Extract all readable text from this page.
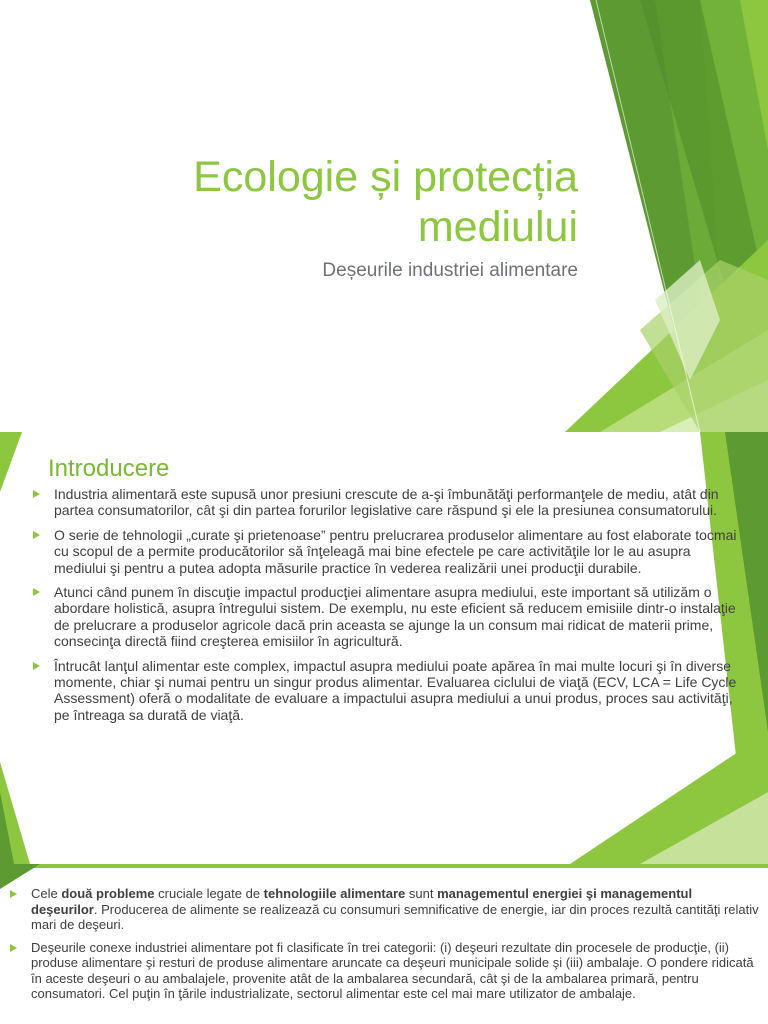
Ecologie și protecția
mediului

Deșeurile industriei alimentare

Introducere
Industria alimentară este supusă unor presiuni crescute de a-şi îmbunătăţi performanţele de mediu, atât din partea consumatorilor, cât şi din partea forurilor legislative care răspund şi ele la presiunea consumatorului.
O serie de tehnologii „curate şi prietenoase” pentru prelucrarea produselor alimentare au fost elaborate tocmai cu scopul de a permite producătorilor să înţeleagă mai bine efectele pe care activităţile lor le au asupra mediului şi pentru a putea adopta măsurile practice în vederea realizării unei producţii durabile.
Atunci când punem în discuţie impactul producţiei alimentare asupra mediului, este important să utilizăm o abordare holistică, asupra întregului sistem. De exemplu, nu este eficient să reducem emisiile dintr-o instalaţie de prelucrare a produselor agricole dacă prin aceasta se ajunge la un consum mai ridicat de materii prime, consecinţa directă fiind creşterea emisiilor în agricultură.
Întrucât lanţul alimentar este complex, impactul asupra mediului poate apărea în mai multe locuri şi în diverse momente, chiar şi numai pentru un singur produs alimentar. Evaluarea ciclului de viaţă (ECV, LCA = Life Cycle Assessment) oferă o modalitate de evaluare a impactului asupra mediului a unui produs, proces sau activităţi, pe întreaga sa durată de viaţă.
Cele două probleme cruciale legate de tehnologiile alimentare sunt managementul energiei şi managementul deşeurilor. Producerea de alimente se realizează cu consumuri semnificative de energie, iar din proces rezultă cantităţi relativ mari de deşeuri.
Deşeurile conexe industriei alimentare pot fi clasificate în trei categorii: (i) deşeuri rezultate din procesele de producţie, (ii) produse alimentare şi resturi de produse alimentare aruncate ca deşeuri municipale solide şi (iii) ambalaje. O pondere ridicată în aceste deşeuri o au ambalajele, provenite atât de la ambalarea secundară, cât şi de la ambalarea primară, pentru consumatori. Cel puţin în ţările industrializate, sectorul alimentar este cel mai mare utilizator de ambalaje.
